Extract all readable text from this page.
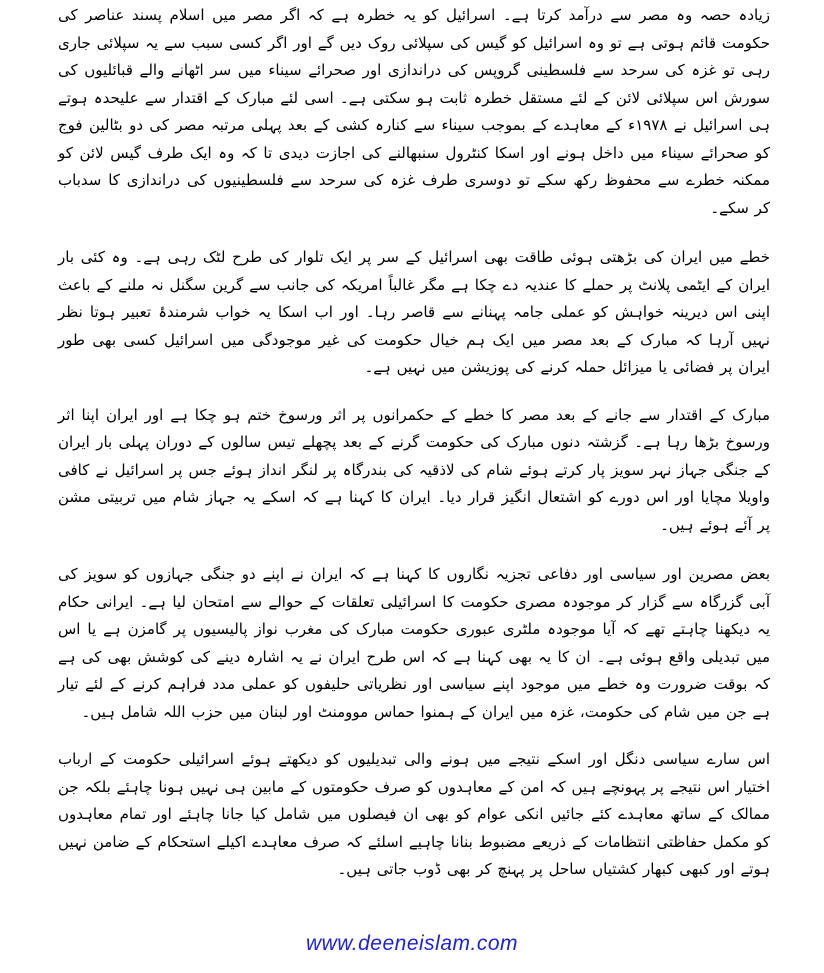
زیادہ حصہ وہ مصر سے درآمد کرتا ہے۔ اسرائیل کو یہ خطرہ ہے کہ اگر مصر میں اسلام پسند عناصر کی حکومت قائم ہوتی ہے تو وہ اسرائیل کو گیس کی سپلائی روک دیں گے اور اگر کسی سبب سے یہ سپلائی جاری رہی تو غزہ کی سرحد سے فلسطینی گروپس کی دراندازی اور صحرائے سیناء میں سر اٹھانے والے قبائلیوں کی سورش اس سپلائی لائن کے لئے مستقل خطرہ ثابت ہو سکتی ہے۔ اسی لئے مبارک کے اقتدار سے علیحدہ ہوتے ہی اسرائیل نے ۱۹۷۸ء کے معاہدے کے بموجب سیناء سے کنارہ کشی کے بعد پہلی مرتبہ مصر کی دو بٹالین فوج کو صحرائے سیناء میں داخل ہونے اور اسکا کنٹرول سنبھالنے کی اجازت دیدی تا کہ وہ ایک طرف گیس لائن کو ممکنہ خطرے سے محفوظ رکھ سکے تو دوسری طرف غزہ کی سرحد سے فلسطینیوں کی دراندازی کا سدباب کر سکے۔

خطے میں ایران کی بڑھتی ہوئی طاقت بھی اسرائیل کے سر پر ایک تلوار کی طرح لٹک رہی ہے۔ وہ کئی بار ایران کے ایٹمی پلانٹ پر حملے کا عندیہ دے چکا ہے مگر غالباً امریکہ کی جانب سے گرین سگنل نہ ملنے کے باعث اپنی اس دیرینہ خواہش کو عملی جامہ پہنانے سے قاصر رہا۔ اور اب اسکا یہ خواب شرمندۂ تعبیر ہوتا نظر نہیں آرہا کہ مبارک کے بعد مصر میں ایک ہم خیال حکومت کی غیر موجودگی میں اسرائیل کسی بھی طور ایران پر فضائی یا میزائل حملہ کرنے کی پوزیشن میں نہیں ہے۔

مبارک کے اقتدار سے جانے کے بعد مصر کا خطے کے حکمرانوں پر اثر ورسوخ ختم ہو چکا ہے اور ایران اپنا اثر ورسوخ بڑھا رہا ہے۔ گزشتہ دنوں مبارک کی حکومت گرنے کے بعد پچھلے تیس سالوں کے دوران پہلی بار ایران کے جنگی جہاز نہر سویز پار کرتے ہوئے شام کی لاذقیہ کی بندرگاہ پر لنگر انداز ہوئے جس پر اسرائیل نے کافی واویلا مچایا اور اس دورے کو اشتعال انگیز قرار دیا۔ ایران کا کہنا ہے کہ اسکے یہ جہاز شام میں تربیتی مشن پر آئے ہوئے ہیں۔

بعض مصرین اور سیاسی اور دفاعی تجزیہ نگاروں کا کہنا ہے کہ ایران نے اپنے دو جنگی جہازوں کو سویز کی آبی گزرگاہ سے گزار کر موجودہ مصری حکومت کا اسرائیلی تعلقات کے حوالے سے امتحان لیا ہے۔ ایرانی حکام یہ دیکھنا چاہتے تھے کہ آیا موجودہ ملٹری عبوری حکومت مبارک کی مغرب نواز پالیسیوں پر گامزن ہے یا اس میں تبدیلی واقع ہوئی ہے۔ ان کا یہ بھی کہنا ہے کہ اس طرح ایران نے یہ اشارہ دینے کی کوشش بھی کی ہے کہ بوقت ضرورت وہ خطے میں موجود اپنے سیاسی اور نظریاتی حلیفوں کو عملی مدد فراہم کرنے کے لئے تیار ہے جن میں شام کی حکومت، غزہ میں ایران کے ہمنوا حماس موومنٹ اور لبنان میں حزب اللہ شامل ہیں۔

اس سارے سیاسی دنگل اور اسکے نتیجے میں ہونے والی تبدیلیوں کو دیکھتے ہوئے اسرائیلی حکومت کے ارباب اختیار اس نتیجے پر پہونچے ہیں کہ امن کے معاہدوں کو صرف حکومتوں کے مابین ہی نہیں ہونا چاہئے بلکہ جن ممالک کے ساتھ معاہدے کئے جائیں انکی عوام کو بھی ان فیصلوں میں شامل کیا جانا چاہئے اور تمام معاہدوں کو مکمل حفاظتی انتظامات کے ذریعے مضبوط بنانا چاہیے اسلئے کہ صرف معاہدے اکیلے استحکام کے ضامن نہیں ہوتے اور کبھی کبھار کشتیاں ساحل پر پہنچ کر بھی ڈوب جاتی ہیں۔

www.deeneislam.com
